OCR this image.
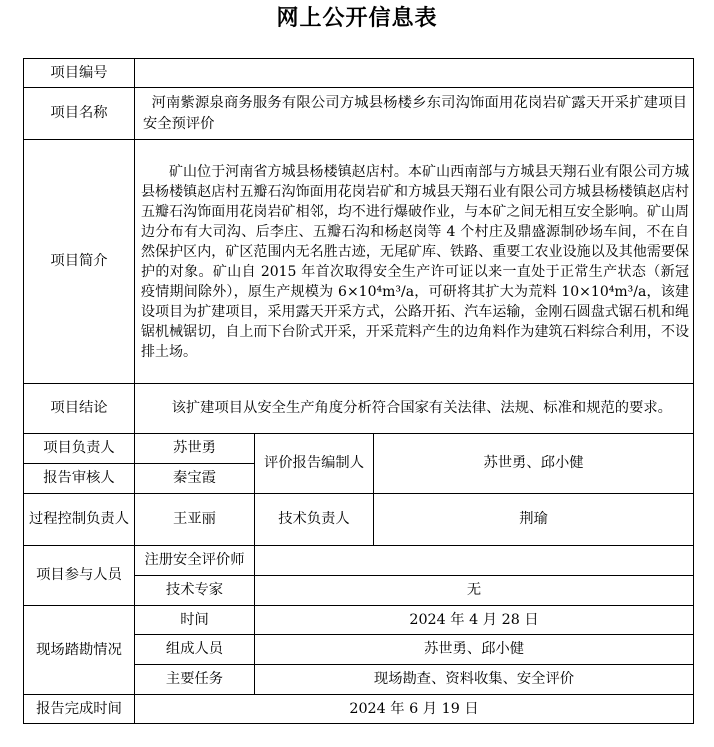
网上公开信息表
项目编号			
项目名称	河南紫源泉商务服务有限公司方城县杨楼乡东司沟饰面用花岗岩矿露天开采扩建项目安全预评价		
项目简介	矿山位于河南省方城县杨楼镇赵店村。本矿山西南部与方城县天翔石业有限公司方城县杨楼镇赵店村五瓣石沟饰面用花岗岩矿和方城县天翔石业有限公司方城县杨楼镇赵店村五瓣石沟饰面用花岗岩矿相邻，均不进行爆破作业，与本矿之间无相互安全影响。矿山周边分布有大司沟、后李庄、五瓣石沟和杨赵岗等 4 个村庄及鼎盛源制砂场车间，不在自然保护区内，矿区范围内无名胜古迹，无尾矿库、铁路、重要工农业设施以及其他需要保护的对象。矿山自 2015 年首次取得安全生产许可证以来一直处于正常生产状态（新冠疫情期间除外），原生产规模为 6×10⁴m³/a，可研将其扩大为荒料 10×10⁴m³/a，该建设项目为扩建项目，采用露天开采方式，公路开拓、汽车运输，金刚石圆盘式锯石机和绳锯机械锯切，自上而下台阶式开采，开采荒料产生的边角料作为建筑石料综合利用，不设排土场。		
项目结论	该扩建项目从安全生产角度分析符合国家有关法律、法规、标准和规范的要求。		
项目负责人	苏世勇	评价报告编制人	苏世勇、邱小健
报告审核人	秦宝霞		
过程控制负责人	王亚丽	技术负责人	荆瑜
项目参与人员	注册安全评价师		
	技术专家	无	
现场踏勘情况	时间	2024 年 4 月 28 日	
	组成人员	苏世勇、邱小健	
	主要任务	现场勘查、资料收集、安全评价	
报告完成时间	2024 年 6 月 19 日		
